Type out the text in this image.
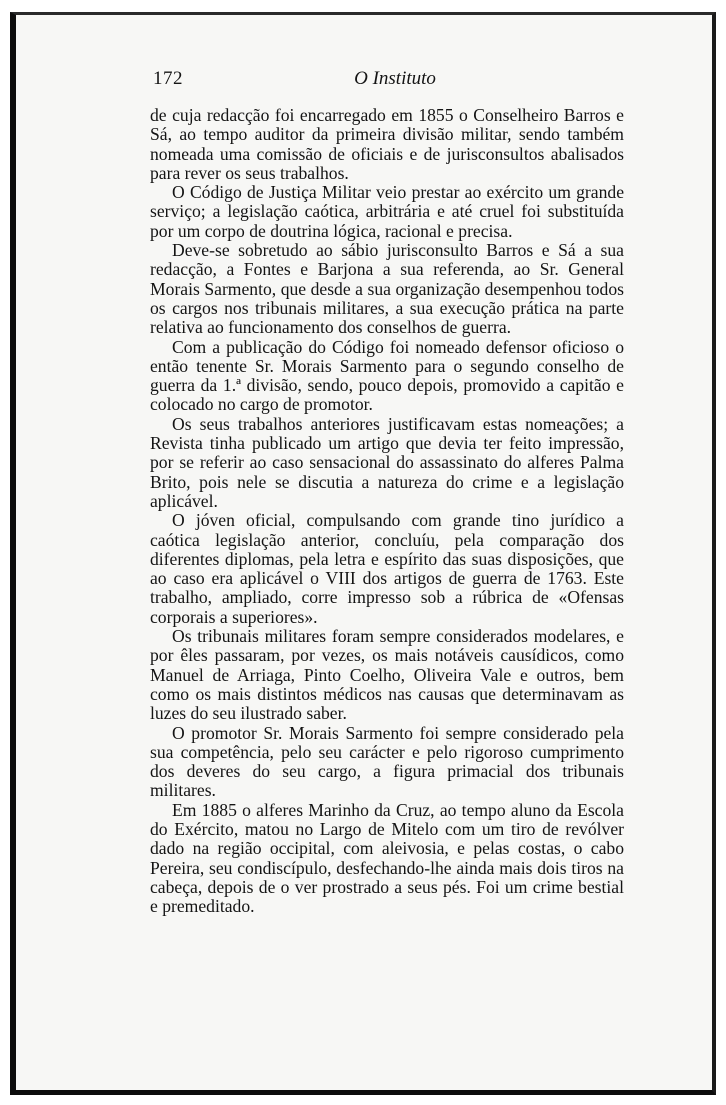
172	O Instituto

de cuja redacção foi encarregado em 1855 o Conselheiro Barros e Sá, ao tempo auditor da primeira divisão militar, sendo também nomeada uma comissão de oficiais e de jurisconsultos abalisados para rever os seus trabalhos.

O Código de Justiça Militar veio prestar ao exército um grande serviço; a legislação caótica, arbitrária e até cruel foi substituída por um corpo de doutrina lógica, racional e precisa.

Deve-se sobretudo ao sábio jurisconsulto Barros e Sá a sua redacção, a Fontes e Barjona a sua referenda, ao Sr. General Morais Sarmento, que desde a sua organização desempenhou todos os cargos nos tribunais militares, a sua execução prática na parte relativa ao funcionamento dos conselhos de guerra.

Com a publicação do Código foi nomeado defensor oficioso o então tenente Sr. Morais Sarmento para o segundo conselho de guerra da 1.ª divisão, sendo, pouco depois, promovido a capitão e colocado no cargo de promotor.

Os seus trabalhos anteriores justificavam estas nomeações; a Revista tinha publicado um artigo que devia ter feito impressão, por se referir ao caso sensacional do assassinato do alferes Palma Brito, pois nele se discutia a natureza do crime e a legislação aplicável.

O jóven oficial, compulsando com grande tino jurídico a caótica legislação anterior, concluíu, pela comparação dos diferentes diplomas, pela letra e espírito das suas disposições, que ao caso era aplicável o VIII dos artigos de guerra de 1763. Este trabalho, ampliado, corre impresso sob a rúbrica de «Ofensas corporais a superiores».

Os tribunais militares foram sempre considerados modelares, e por êles passaram, por vezes, os mais notáveis causídicos, como Manuel de Arriaga, Pinto Coelho, Oliveira Vale e outros, bem como os mais distintos médicos nas causas que determinavam as luzes do seu ilustrado saber.

O promotor Sr. Morais Sarmento foi sempre considerado pela sua competência, pelo seu carácter e pelo rigoroso cumprimento dos deveres do seu cargo, a figura primacial dos tribunais militares.

Em 1885 o alferes Marinho da Cruz, ao tempo aluno da Escola do Exército, matou no Largo de Mitelo com um tiro de revólver dado na região occipital, com aleivosia, e pelas costas, o cabo Pereira, seu condiscípulo, desfechando-lhe ainda mais dois tiros na cabeça, depois de o ver prostrado a seus pés. Foi um crime bestial e premeditado.
